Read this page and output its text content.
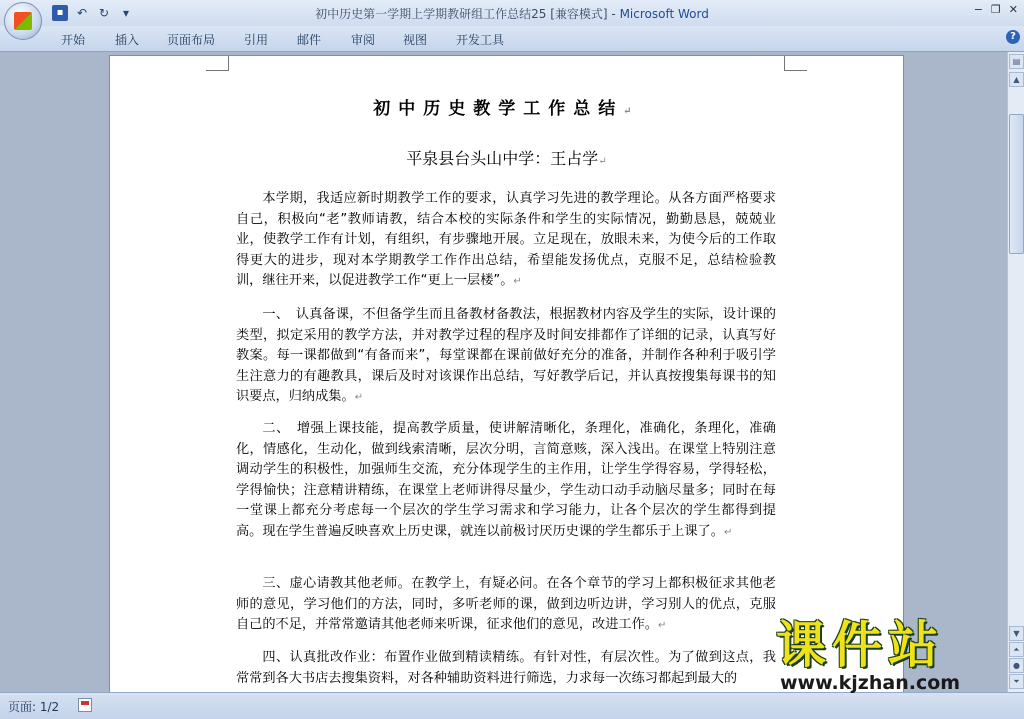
▪	↶ ↻	▾	初中历史第一学期上学期教研组工作总结25 [兼容模式] - Microsoft Word	− ❐ ✕
开始 插入 页面布局 引用 邮件 审阅 视图 开发工具	?
初中历史教学工作总结↵
平泉县台头山中学：王占学↵
本学期，我适应新时期教学工作的要求，认真学习先进的教学理论。从各方面严格要求自己，积极向“老”教师请教，结合本校的实际条件和学生的实际情况，勤勤恳恳，兢兢业业，使教学工作有计划，有组织，有步骤地开展。立足现在，放眼未来，为使今后的工作取得更大的进步，现对本学期教学工作作出总结，希望能发扬优点，克服不足，总结检验教训，继往开来，以促进教学工作“更上一层楼”。↵
一、　认真备课，不但备学生而且备教材备教法，根据教材内容及学生的实际，设计课的类型，拟定采用的教学方法，并对教学过程的程序及时间安排都作了详细的记录，认真写好教案。每一课都做到“有备而来”，每堂课都在课前做好充分的准备，并制作各种利于吸引学生注意力的有趣教具，课后及时对该课作出总结，写好教学后记，并认真按搜集每课书的知识要点，归纳成集。↵
二、　增强上课技能，提高教学质量，使讲解清晰化，条理化，准确化，条理化，准确化，情感化，生动化，做到线索清晰，层次分明，言简意赅，深入浅出。在课堂上特别注意调动学生的积极性，加强师生交流，充分体现学生的主作用，让学生学得容易，学得轻松，学得愉快；注意精讲精练，在课堂上老师讲得尽量少，学生动口动手动脑尽量多；同时在每一堂课上都充分考虑每一个层次的学生学习需求和学习能力，让各个层次的学生都得到提高。现在学生普遍反映喜欢上历史课，就连以前极讨厌历史课的学生都乐于上课了。↵
三、虚心请教其他老师。在教学上，有疑必问。在各个章节的学习上都积极征求其他老师的意见，学习他们的方法，同时，多听老师的课，做到边听边讲，学习别人的优点，克服自己的不足，并常常邀请其他老师来听课，征求他们的意见，改进工作。↵
四、认真批改作业：布置作业做到精读精练。有针对性，有层次性。为了做到这点，我常常到各大书店去搜集资料，对各种辅助资料进行筛选，力求每一次练习都起到最大的
▤
▲
▼
⏶
●
⏷
页面: 1/2
课件站
www.kjzhan.com
